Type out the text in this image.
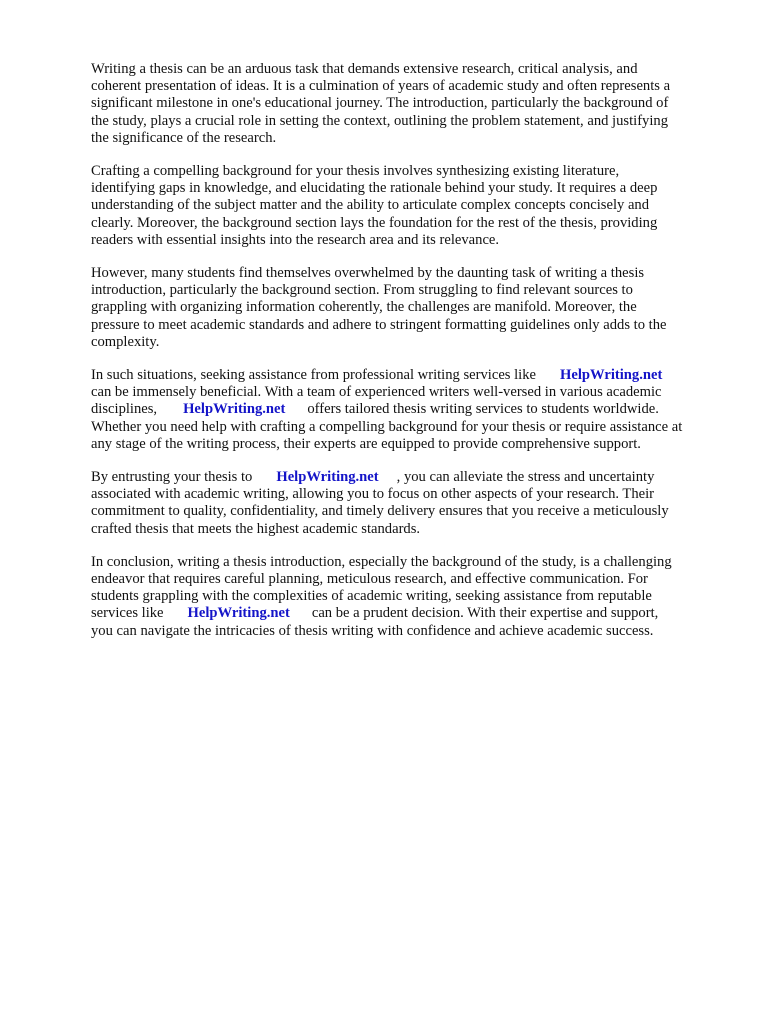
Writing a thesis can be an arduous task that demands extensive research, critical analysis, and
coherent presentation of ideas. It is a culmination of years of academic study and often represents a
significant milestone in one's educational journey. The introduction, particularly the background of
the study, plays a crucial role in setting the context, outlining the problem statement, and justifying
the significance of the research.

Crafting a compelling background for your thesis involves synthesizing existing literature,
identifying gaps in knowledge, and elucidating the rationale behind your study. It requires a deep
understanding of the subject matter and the ability to articulate complex concepts concisely and
clearly. Moreover, the background section lays the foundation for the rest of the thesis, providing
readers with essential insights into the research area and its relevance.

However, many students find themselves overwhelmed by the daunting task of writing a thesis
introduction, particularly the background section. From struggling to find relevant sources to
grappling with organizing information coherently, the challenges are manifold. Moreover, the
pressure to meet academic standards and adhere to stringent formatting guidelines only adds to the
complexity.

In such situations, seeking assistance from professional writing services like HelpWriting.net
can be immensely beneficial. With a team of experienced writers well-versed in various academic
disciplines, HelpWriting.net offers tailored thesis writing services to students worldwide.
Whether you need help with crafting a compelling background for your thesis or require assistance at
any stage of the writing process, their experts are equipped to provide comprehensive support.

By entrusting your thesis to HelpWriting.net , you can alleviate the stress and uncertainty
associated with academic writing, allowing you to focus on other aspects of your research. Their
commitment to quality, confidentiality, and timely delivery ensures that you receive a meticulously
crafted thesis that meets the highest academic standards.

In conclusion, writing a thesis introduction, especially the background of the study, is a challenging
endeavor that requires careful planning, meticulous research, and effective communication. For
students grappling with the complexities of academic writing, seeking assistance from reputable
services like HelpWriting.net can be a prudent decision. With their expertise and support,
you can navigate the intricacies of thesis writing with confidence and achieve academic success.
